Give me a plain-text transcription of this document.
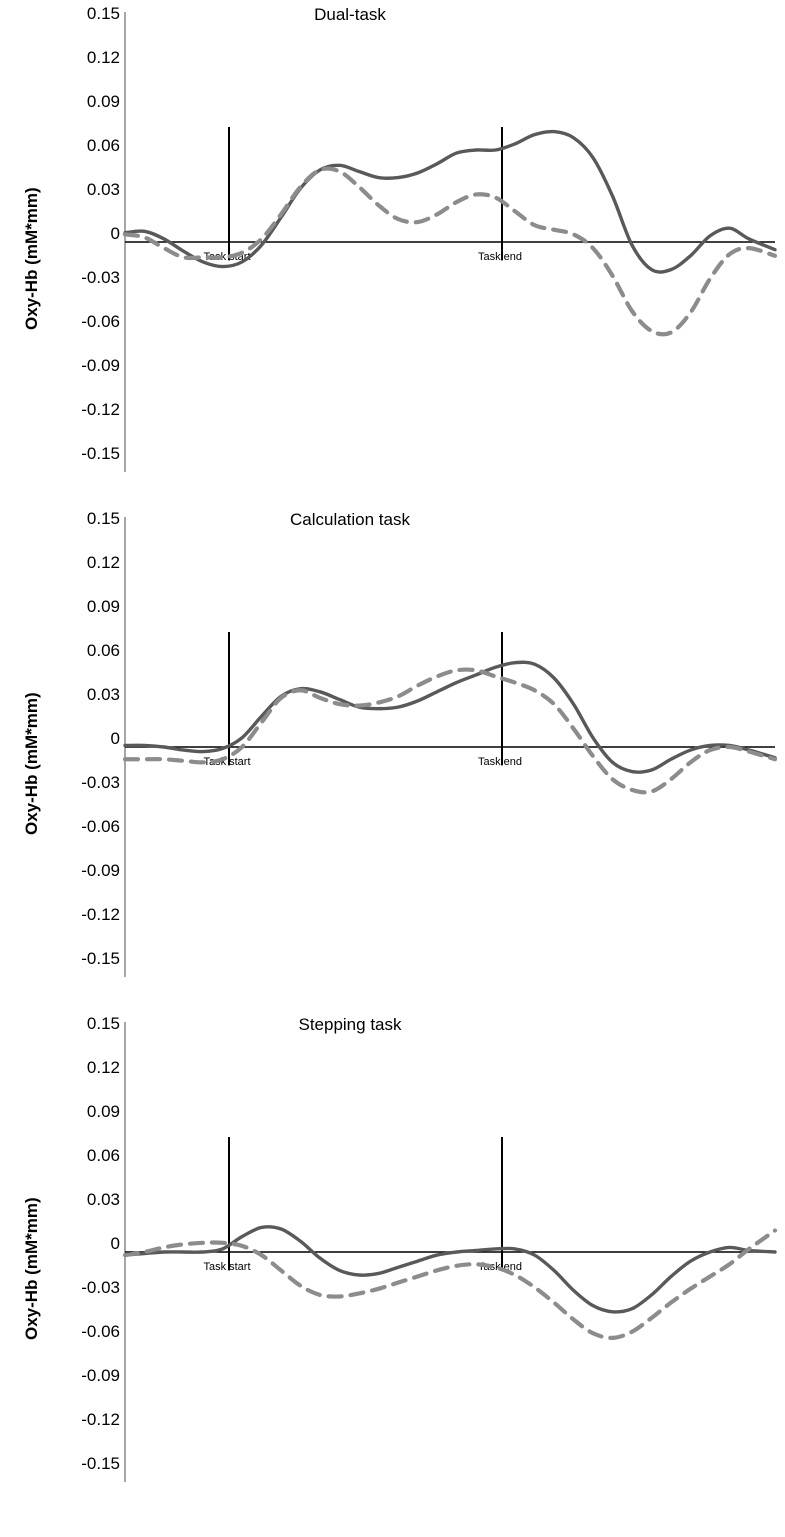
Dual-task
Oxy-Hb (mM*mm)
0.15
0.12
0.09
0.06
0.03
0
-0.03
-0.06
-0.09
-0.12
-0.15
Task start	Task end
Calculation task
Oxy-Hb (mM*mm)
0.15
0.12
0.09
0.06
0.03
0
-0.03
-0.06
-0.09
-0.12
-0.15
Task start	Task end
Stepping task
Oxy-Hb (mM*mm)
0.15
0.12
0.09
0.06
0.03
0
-0.03
-0.06
-0.09
-0.12
-0.15
Task start	Task end
